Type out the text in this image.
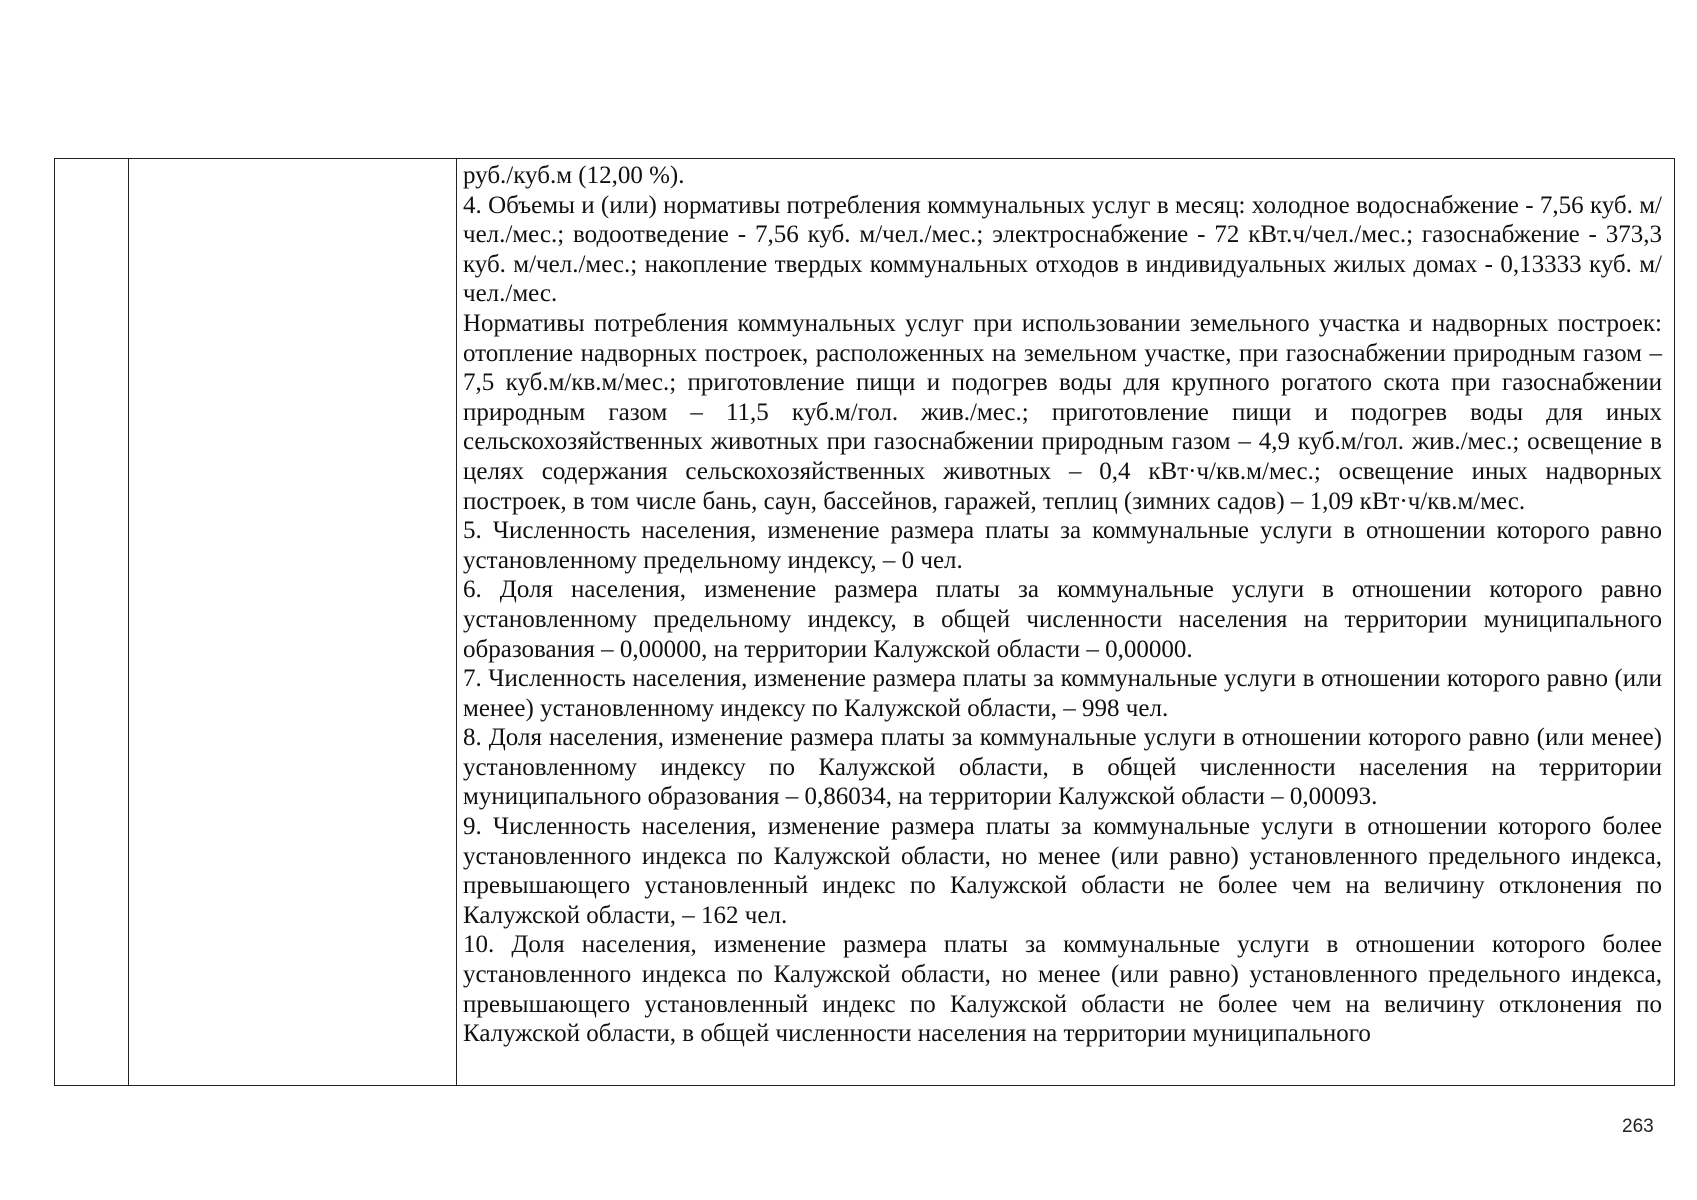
руб./куб.м (12,00 %).

4. Объемы и (или) нормативы потребления коммунальных услуг в месяц: холодное водоснабжение - 7,56 куб. м/чел./мес.; водоотведение - 7,56 куб. м/чел./мес.; электроснабжение - 72 кВт.ч/чел./мес.; газоснабжение - 373,3 куб. м/чел./мес.; накопление твердых коммунальных отходов в индивидуальных жилых домах - 0,13333 куб. м/чел./мес.

Нормативы потребления коммунальных услуг при использовании земельного участка и надворных построек: отопление надворных построек, расположенных на земельном участке, при газоснабжении природным газом – 7,5 куб.м/кв.м/мес.; приготовление пищи и подогрев воды для крупного рогатого скота при газоснабжении природным газом – 11,5 куб.м/гол. жив./мес.; приготовление пищи и подогрев воды для иных сельскохозяйственных животных при газоснабжении природным газом – 4,9 куб.м/гол. жив./мес.; освещение в целях содержания сельскохозяйственных животных – 0,4 кВт·ч/кв.м/мес.; освещение иных надворных построек, в том числе бань, саун, бассейнов, гаражей, теплиц (зимних садов) – 1,09 кВт·ч/кв.м/мес.

5. Численность населения, изменение размера платы за коммунальные услуги в отношении которого равно установленному предельному индексу, – 0 чел.

6. Доля населения, изменение размера платы за коммунальные услуги в отношении которого равно установленному предельному индексу, в общей численности населения на территории муниципального образования – 0,00000, на территории Калужской области – 0,00000.

7. Численность населения, изменение размера платы за коммунальные услуги в отношении которого равно (или менее) установленному индексу по Калужской области, – 998 чел.

8. Доля населения, изменение размера платы за коммунальные услуги в отношении которого равно (или менее) установленному индексу по Калужской области, в общей численности населения на территории муниципального образования – 0,86034, на территории Калужской области – 0,00093.

9. Численность населения, изменение размера платы за коммунальные услуги в отношении которого более установленного индекса по Калужской области, но менее (или равно) установленного предельного индекса, превышающего установленный индекс по Калужской области не более чем на величину отклонения по Калужской области, – 162 чел.

10. Доля населения, изменение размера платы за коммунальные услуги в отношении которого более установленного индекса по Калужской области, но менее (или равно) установленного предельного индекса, превышающего установленный индекс по Калужской области не более чем на величину отклонения по Калужской области, в общей численности населения на территории муниципального

263
